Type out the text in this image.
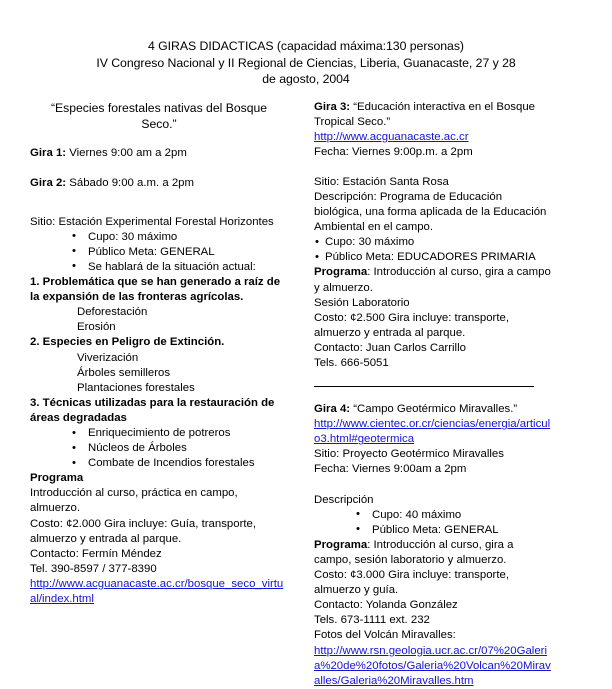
4 GIRAS DIDACTICAS (capacidad máxima:130 personas)
IV Congreso Nacional y II Regional de Ciencias, Liberia, Guanacaste, 27 y 28
de agosto, 2004
“Especies forestales nativas del Bosque Seco.”

Gira 1: Viernes 9:00 am a 2pm

Gira 2: Sábado 9:00 a.m. a 2pm

Sitio: Estación Experimental Forestal Horizontes

• Cupo: 30 máximo
• Público Meta: GENERAL
• Se hablará de la situación actual:

1. Problemática que se han generado a raíz de la expansión de las fronteras agrícolas.

Deforestación

Erosión

2. Especies en Peligro de Extinción.

Viverización

Árboles semilleros

Plantaciones forestales

3. Técnicas utilizadas para la restauración de áreas degradadas

• Enriquecimiento de potreros
• Núcleos de Árboles
• Combate de Incendios forestales

Programa

Introducción al curso, práctica en campo, almuerzo.

Costo: ¢2.000 Gira incluye: Guía, transporte, almuerzo y entrada al parque.

Contacto: Fermín Méndez

Tel. 390-8597 / 377-8390

http://www.acguanacaste.ac.cr/bosque_seco_virtual/index.html

Gira 3: “Educación interactiva en el Bosque Tropical Seco.”

http://www.acguanacaste.ac.cr

Fecha: Viernes 9:00p.m. a 2pm

Sitio: Estación Santa Rosa

Descripción: Programa de Educación biológica, una forma aplicada de la Educación Ambiental en el campo.

• Cupo: 30 máximo
• Público Meta: EDUCADORES PRIMARIA

Programa: Introducción al curso, gira a campo y almuerzo.

Sesión Laboratorio

Costo: ¢2.500 Gira incluye: transporte, almuerzo y entrada al parque.

Contacto: Juan Carlos Carrillo

Tels. 666-5051

Gira 4: “Campo Geotérmico Miravalles.”

http://www.cientec.or.cr/ciencias/energia/articulo3.html#geotermica

Sitio: Proyecto Geotérmico Miravalles

Fecha: Viernes 9:00am a 2pm

Descripción

• Cupo: 40 máximo
• Público Meta: GENERAL

Programa: Introducción al curso, gira a campo, sesión laboratorio y almuerzo.

Costo: ¢3.000 Gira incluye: transporte, almuerzo y guía.

Contacto: Yolanda González

Tels. 673-1111 ext. 232

Fotos del Volcán Miravalles:

http://www.rsn.geologia.ucr.ac.cr/07%20Galeria%20de%20fotos/Galeria%20Volcan%20Miravalles/Galeria%20Miravalles.htm
